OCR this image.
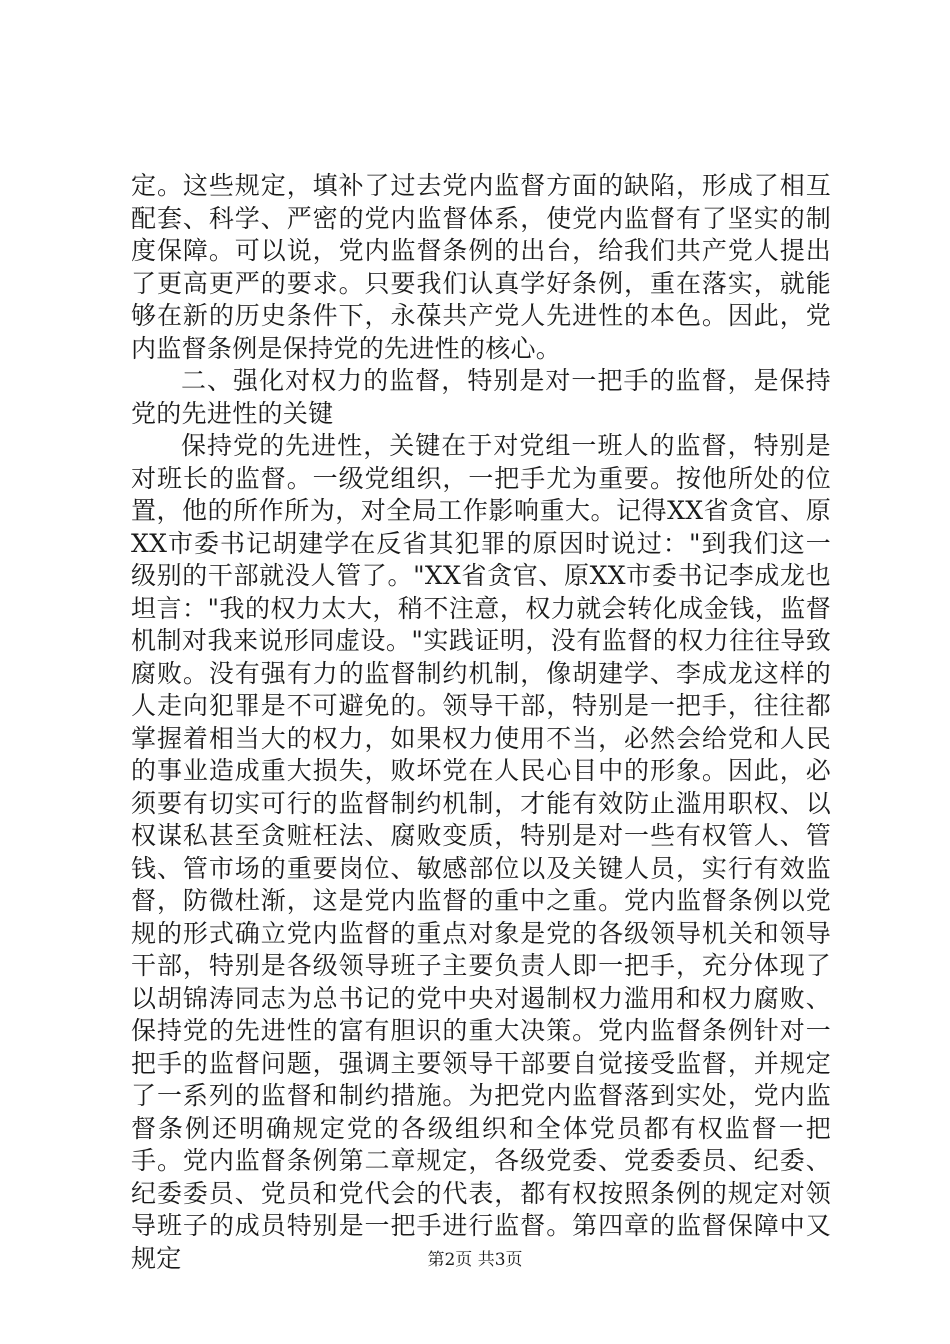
定。这些规定，填补了过去党内监督方面的缺陷，形成了相互配套、科学、严密的党内监督体系，使党内监督有了坚实的制度保障。可以说，党内监督条例的出台，给我们共产党人提出了更高更严的要求。只要我们认真学好条例，重在落实，就能够在新的历史条件下，永葆共产党人先进性的本色。因此，党内监督条例是保持党的先进性的核心。

二、强化对权力的监督，特别是对一把手的监督，是保持党的先进性的关键

保持党的先进性，关键在于对党组一班人的监督，特别是对班长的监督。一级党组织，一把手尤为重要。按他所处的位置，他的所作所为，对全局工作影响重大。记得XX省贪官、原XX市委书记胡建学在反省其犯罪的原因时说过："到我们这一级别的干部就没人管了。"XX省贪官、原XX市委书记李成龙也坦言："我的权力太大，稍不注意，权力就会转化成金钱，监督机制对我来说形同虚设。"实践证明，没有监督的权力往往导致腐败。没有强有力的监督制约机制，像胡建学、李成龙这样的人走向犯罪是不可避免的。领导干部，特别是一把手，往往都掌握着相当大的权力，如果权力使用不当，必然会给党和人民的事业造成重大损失，败坏党在人民心目中的形象。因此，必须要有切实可行的监督制约机制，才能有效防止滥用职权、以权谋私甚至贪赃枉法、腐败变质，特别是对一些有权管人、管钱、管市场的重要岗位、敏感部位以及关键人员，实行有效监督，防微杜渐，这是党内监督的重中之重。党内监督条例以党规的形式确立党内监督的重点对象是党的各级领导机关和领导干部，特别是各级领导班子主要负责人即一把手，充分体现了以胡锦涛同志为总书记的党中央对遏制权力滥用和权力腐败、保持党的先进性的富有胆识的重大决策。党内监督条例针对一把手的监督问题，强调主要领导干部要自觉接受监督，并规定了一系列的监督和制约措施。为把党内监督落到实处，党内监督条例还明确规定党的各级组织和全体党员都有权监督一把手。党内监督条例第二章规定，各级党委、党委委员、纪委、纪委委员、党员和党代会的代表，都有权按照条例的规定对领导班子的成员特别是一把手进行监督。第四章的监督保障中又规定	第2页 共3页
